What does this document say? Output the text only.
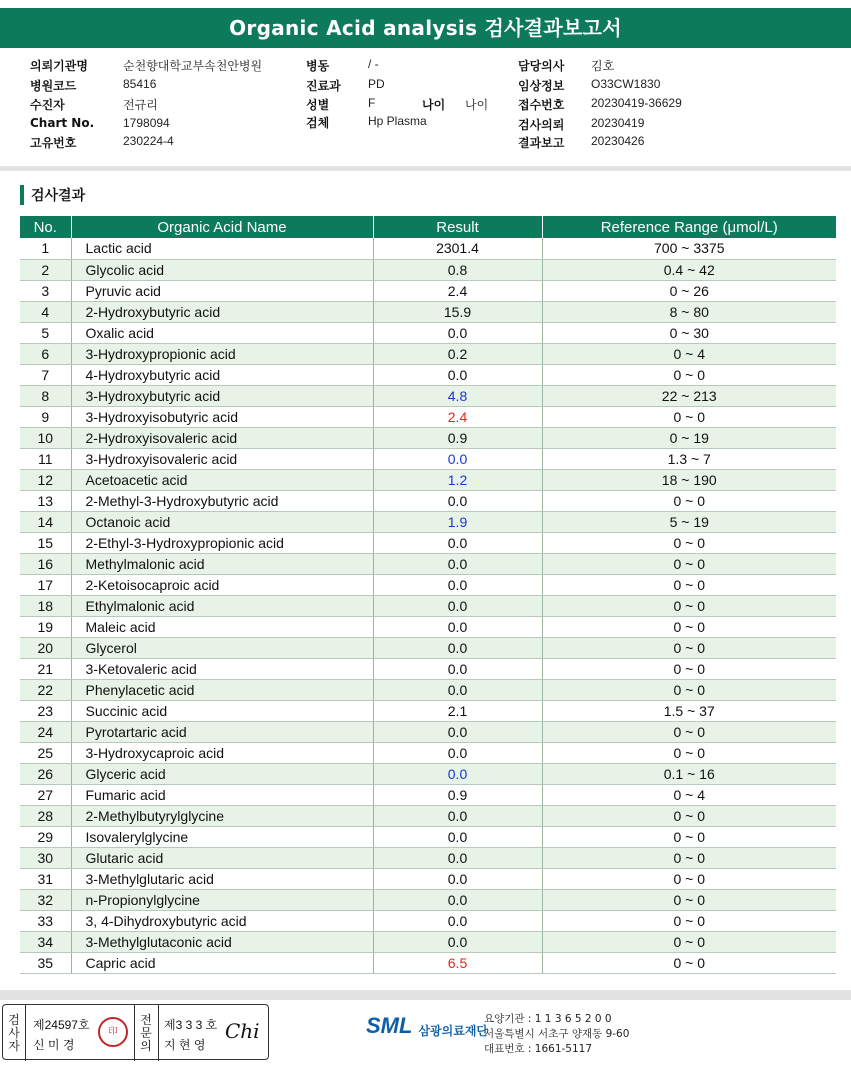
Organic Acid analysis 검사결과보고서
의뢰기관명	순천향대학교부속천안병원
병원코드	85416
수진자	전규리
Chart No. 1798094
고유번호	230224-4
병동	/ -
진료과 PD
성별	F	나이 나이
검체	Hp Plasma
담당의사 김호
임상정보 O33CW1830
접수번호 20230419-36629
검사의뢰 20230419
결과보고 20230426
검사결과
No.	Organic Acid Name	Result	Reference Range (μmol/L)
1	Lactic acid	2301.4	700 ~ 3375
2	Glycolic acid	0.8	0.4 ~ 42
3	Pyruvic acid	2.4	0 ~ 26
4	2-Hydroxybutyric acid	15.9	8 ~ 80
5	Oxalic acid	0.0	0 ~ 30
6	3-Hydroxypropionic acid	0.2	0 ~ 4
7	4-Hydroxybutyric acid	0.0	0 ~ 0
8	3-Hydroxybutyric acid	4.8	22 ~ 213
9	3-Hydroxyisobutyric acid	2.4	0 ~ 0
10	2-Hydroxyisovaleric acid	0.9	0 ~ 19
11	3-Hydroxyisovaleric acid	0.0	1.3 ~ 7
12	Acetoacetic acid	1.2	18 ~ 190
13	2-Methyl-3-Hydroxybutyric acid	0.0	0 ~ 0
14	Octanoic acid	1.9	5 ~ 19
15	2-Ethyl-3-Hydroxypropionic acid	0.0	0 ~ 0
16	Methylmalonic acid	0.0	0 ~ 0
17	2-Ketoisocaproic acid	0.0	0 ~ 0
18	Ethylmalonic acid	0.0	0 ~ 0
19	Maleic acid	0.0	0 ~ 0
20	Glycerol	0.0	0 ~ 0
21	3-Ketovaleric acid	0.0	0 ~ 0
22	Phenylacetic acid	0.0	0 ~ 0
23	Succinic acid	2.1	1.5 ~ 37
24	Pyrotartaric acid	0.0	0 ~ 0
25	3-Hydroxycaproic acid	0.0	0 ~ 0
26	Glyceric acid	0.0	0.1 ~ 16
27	Fumaric acid	0.9	0 ~ 4
28	2-Methylbutyrylglycine	0.0	0 ~ 0
29	Isovalerylglycine	0.0	0 ~ 0
30	Glutaric acid	0.0	0 ~ 0
31	3-Methylglutaric acid	0.0	0 ~ 0
32	n-Propionylglycine	0.0	0 ~ 0
33	3, 4-Dihydroxybutyric acid	0.0	0 ~ 0
34	3-Methylglutaconic acid	0.0	0 ~ 0
35	Capric acid	6.5	0 ~ 0
검
사
자
제24597호
신 미 경
印
전
문
의
제3 3 3 호
지 현 영
Chi	SML 삼광의료재단
요양기관 : 1 1 3 6 5 2 0 0
서울특별시 서초구 양재동 9-60
대표번호 : 1661-5117
